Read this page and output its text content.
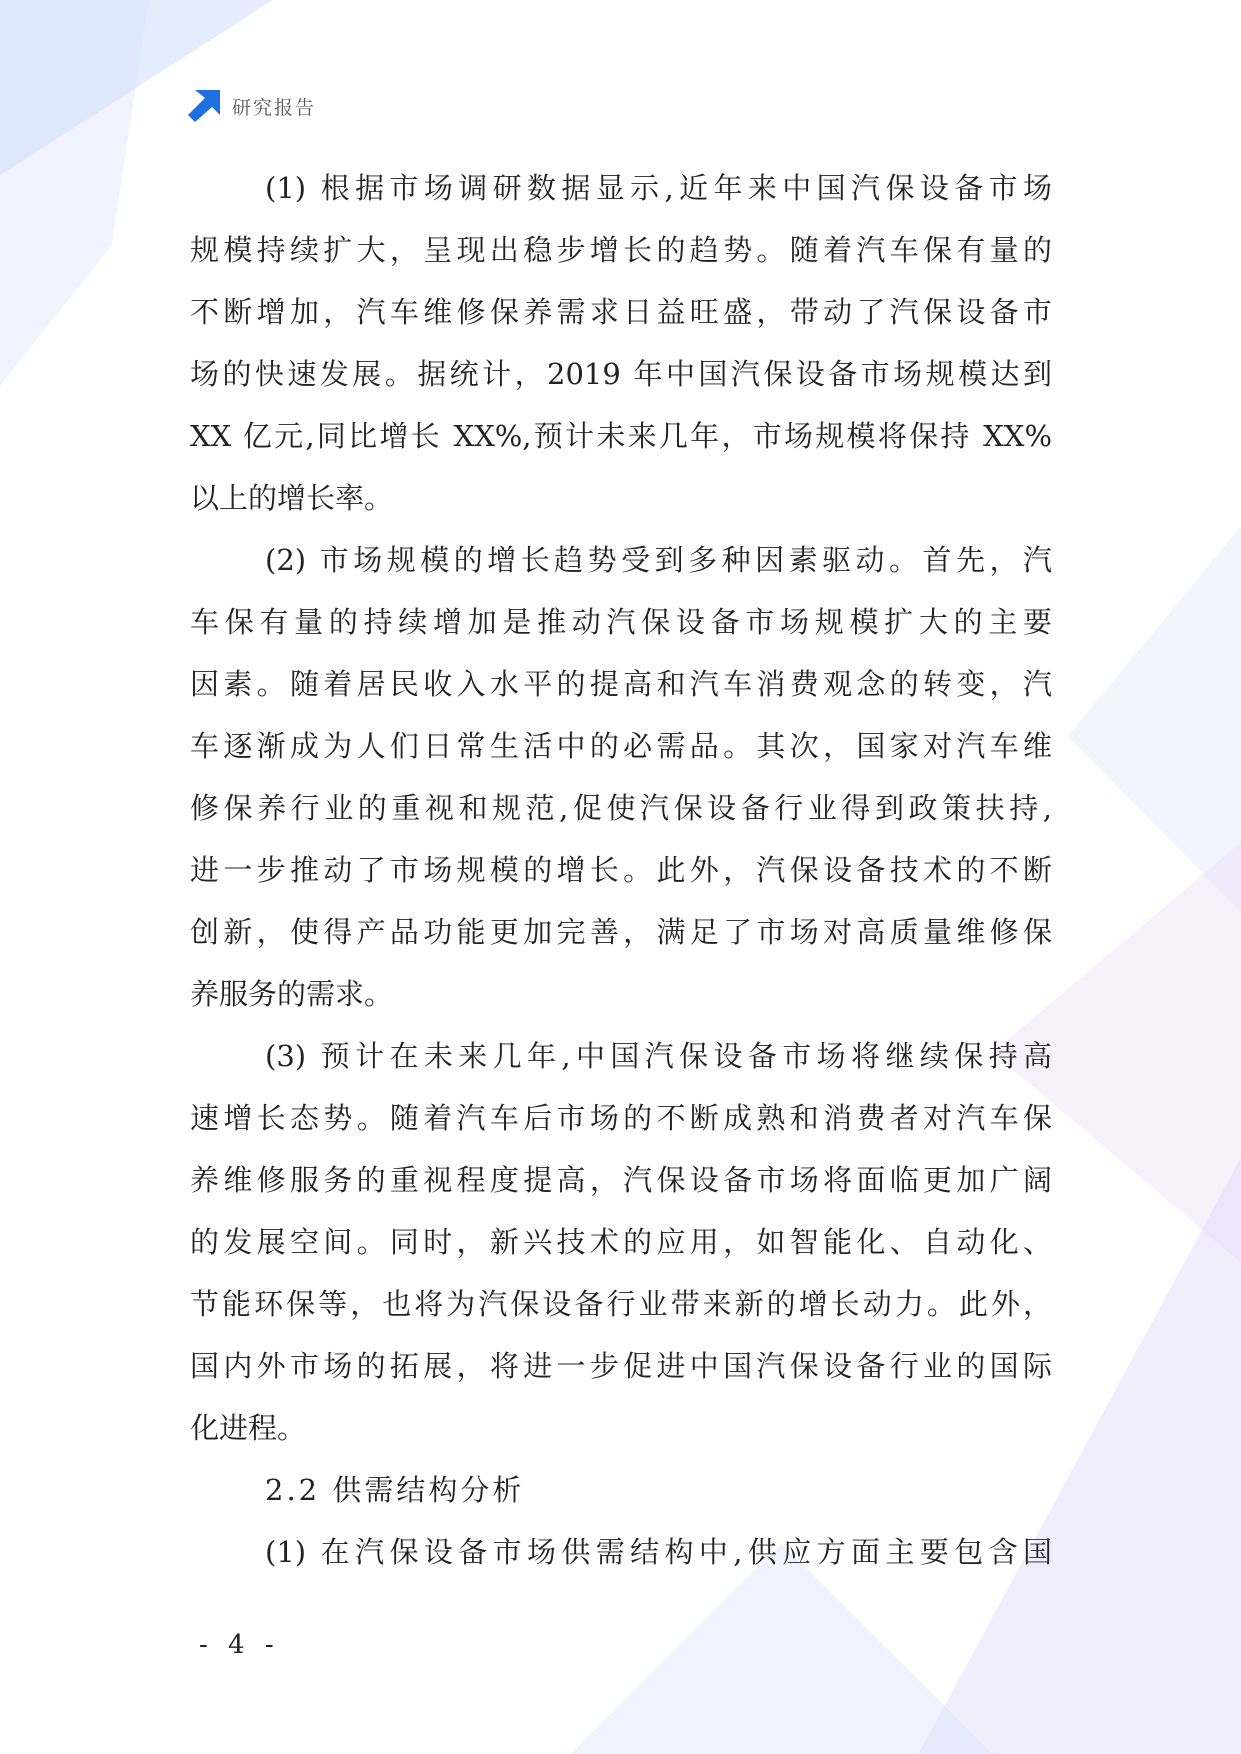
研究报告
(1) 根据市场调研数据显示,近年来中国汽保设备市场
规模持续扩大，呈现出稳步增长的趋势。随着汽车保有量的
不断增加，汽车维修保养需求日益旺盛，带动了汽保设备市
场的快速发展。据统计，2019 年中国汽保设备市场规模达到
XX 亿元,同比增长 XX%,预计未来几年，市场规模将保持 XX%
以上的增长率。
(2) 市场规模的增长趋势受到多种因素驱动。首先，汽
车保有量的持续增加是推动汽保设备市场规模扩大的主要
因素。随着居民收入水平的提高和汽车消费观念的转变，汽
车逐渐成为人们日常生活中的必需品。其次，国家对汽车维
修保养行业的重视和规范,促使汽保设备行业得到政策扶持,
进一步推动了市场规模的增长。此外，汽保设备技术的不断
创新，使得产品功能更加完善，满足了市场对高质量维修保
养服务的需求。
(3) 预计在未来几年,中国汽保设备市场将继续保持高
速增长态势。随着汽车后市场的不断成熟和消费者对汽车保
养维修服务的重视程度提高，汽保设备市场将面临更加广阔
的发展空间。同时，新兴技术的应用，如智能化、自动化、
节能环保等，也将为汽保设备行业带来新的增长动力。此外，
国内外市场的拓展，将进一步促进中国汽保设备行业的国际
化进程。
2.2 供需结构分析
(1) 在汽保设备市场供需结构中,供应方面主要包含国
- 4 -
